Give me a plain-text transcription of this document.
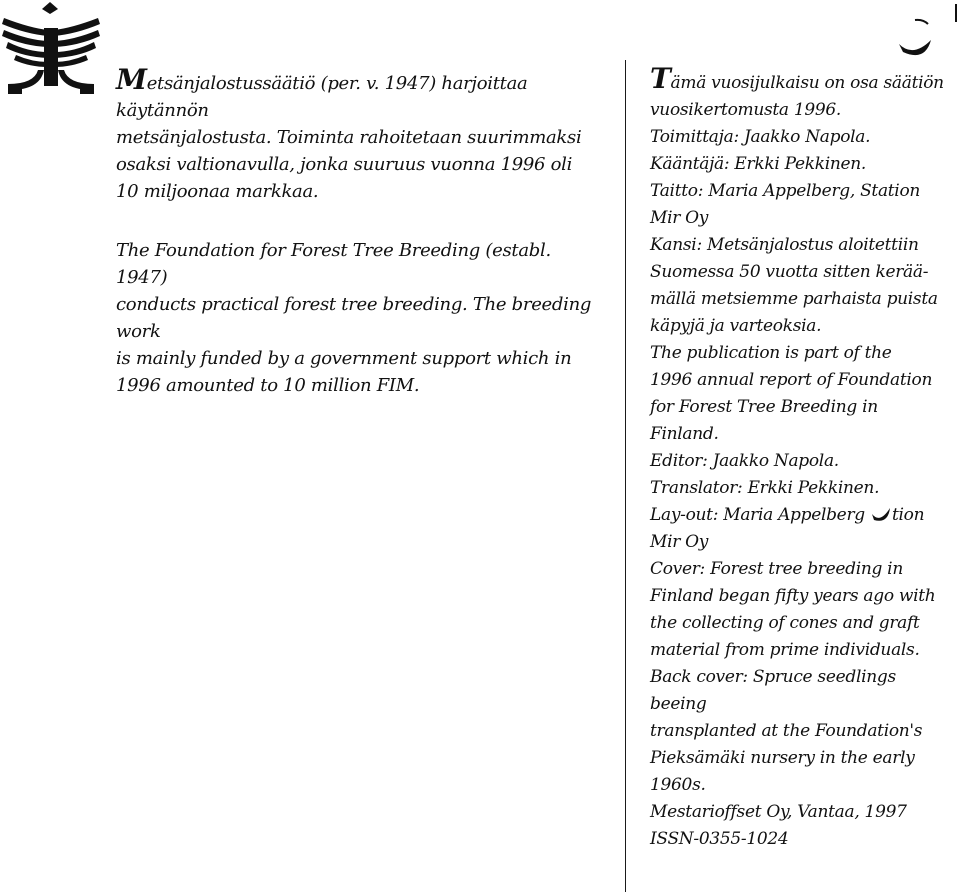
Metsänjalostussäätiö (per. v. 1947) harjoittaa käytännön
metsänjalostusta. Toiminta rahoitetaan suurimmaksi
osaksi valtionavulla, jonka suuruus vuonna 1996 oli
10 miljoonaa markkaa.

The Foundation for Forest Tree Breeding (establ. 1947)
conducts practical forest tree breeding. The breeding work
is mainly funded by a government support which in
1996 amounted to 10 million FIM.

Tämä vuosijulkaisu on osa säätiön
vuosikertomusta 1996.
Toimittaja: Jaakko Napola.
Kääntäjä: Erkki Pekkinen.
Taitto: Maria Appelberg, Station
Mir Oy
Kansi: Metsänjalostus aloitettiin
Suomessa 50 vuotta sitten kerää-
mällä metsiemme parhaista puista
käpyjä ja varteoksia.

The publication is part of the
1996 annual report of Foundation
for Forest Tree Breeding in
Finland.
Editor: Jaakko Napola.
Translator: Erkki Pekkinen.
Lay-out: Maria Appelberg tion
Mir Oy
Cover: Forest tree breeding in
Finland began fifty years ago with
the collecting of cones and graft
material from prime individuals.
Back cover: Spruce seedlings beeing
transplanted at the Foundation's
Pieksämäki nursery in the early
1960s.

Mestarioffset Oy, Vantaa, 1997
ISSN-0355-1024
